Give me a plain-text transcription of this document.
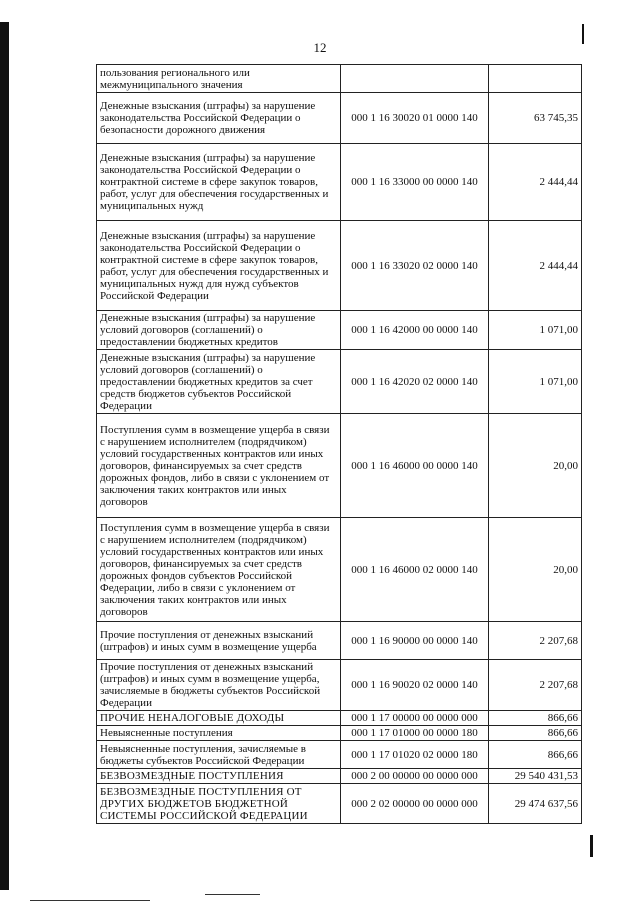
12
пользования регионального или межмуниципального значения		
Денежные взыскания (штрафы) за нарушение законодательства Российской Федерации о безопасности дорожного движения	000 1 16 30020 01 0000 140	63 745,35
Денежные взыскания (штрафы) за нарушение законодательства Российской Федерации о контрактной системе в сфере закупок товаров, работ, услуг для обеспечения государственных и муниципальных нужд	000 1 16 33000 00 0000 140	2 444,44
Денежные взыскания (штрафы) за нарушение законодательства Российской Федерации о контрактной системе в сфере закупок товаров, работ, услуг для обеспечения государственных и муниципальных нужд для нужд субъектов Российской Федерации	000 1 16 33020 02 0000 140	2 444,44
Денежные взыскания (штрафы) за нарушение условий договоров (соглашений) о предоставлении бюджетных кредитов	000 1 16 42000 00 0000 140	1 071,00
Денежные взыскания (штрафы) за нарушение условий договоров (соглашений) о предоставлении бюджетных кредитов за счет средств бюджетов субъектов Российской Федерации	000 1 16 42020 02 0000 140	1 071,00
Поступления сумм в возмещение ущерба в связи с нарушением исполнителем (подрядчиком) условий государственных контрактов или иных договоров, финансируемых за счет средств дорожных фондов, либо в связи с уклонением от заключения таких контрактов или иных договоров	000 1 16 46000 00 0000 140	20,00
Поступления сумм в возмещение ущерба в связи с нарушением исполнителем (подрядчиком) условий государственных контрактов или иных договоров, финансируемых за счет средств дорожных фондов субъектов Российской Федерации, либо в связи с уклонением от заключения таких контрактов или иных договоров	000 1 16 46000 02 0000 140	20,00
Прочие поступления от денежных взысканий (штрафов) и иных сумм в возмещение ущерба	000 1 16 90000 00 0000 140	2 207,68
Прочие поступления от денежных взысканий (штрафов) и иных сумм в возмещение ущерба, зачисляемые в бюджеты субъектов Российской Федерации	000 1 16 90020 02 0000 140	2 207,68
ПРОЧИЕ НЕНАЛОГОВЫЕ ДОХОДЫ	000 1 17 00000 00 0000 000	866,66
Невыясненные поступления	000 1 17 01000 00 0000 180	866,66
Невыясненные поступления, зачисляемые в бюджеты субъектов Российской Федерации	000 1 17 01020 02 0000 180	866,66
БЕЗВОЗМЕЗДНЫЕ ПОСТУПЛЕНИЯ	000 2 00 00000 00 0000 000	29 540 431,53
БЕЗВОЗМЕЗДНЫЕ ПОСТУПЛЕНИЯ ОТ ДРУГИХ БЮДЖЕТОВ БЮДЖЕТНОЙ СИСТЕМЫ РОССИЙСКОЙ ФЕДЕРАЦИИ	000 2 02 00000 00 0000 000	29 474 637,56
